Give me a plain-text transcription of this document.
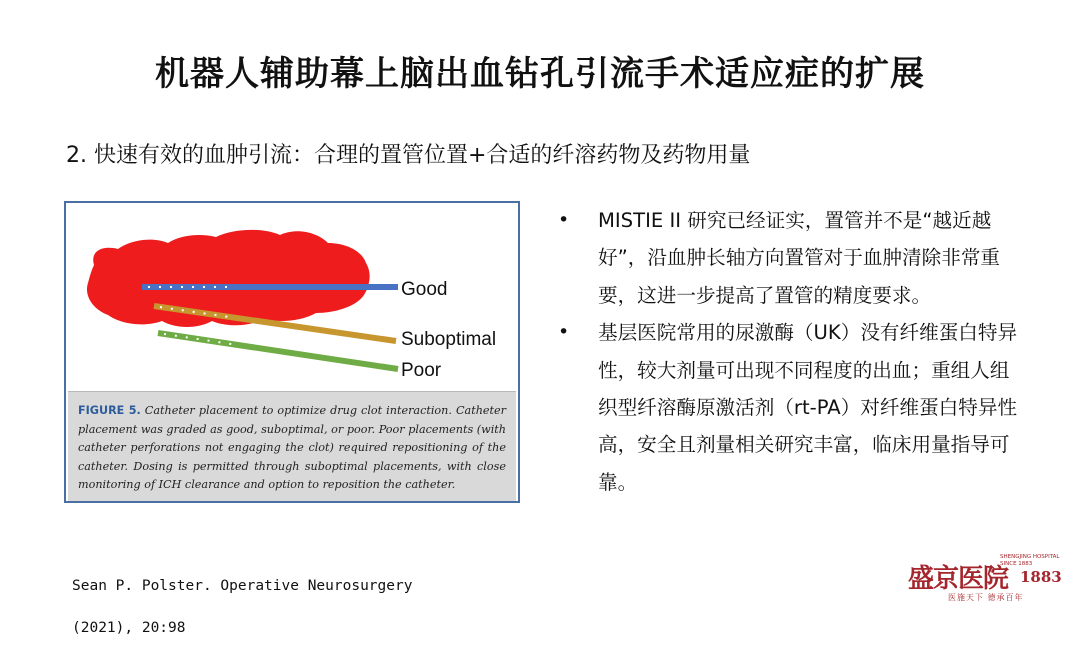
机器人辅助幕上脑出血钻孔引流手术适应症的扩展
2. 快速有效的血肿引流：合理的置管位置+合适的纤溶药物及药物用量
Good
Suboptimal
Poor
FIGURE 5. Catheter placement to optimize drug clot interaction. Catheter placement was graded as good, suboptimal, or poor. Poor placements (with catheter perforations not engaging the clot) required repositioning of the catheter. Dosing is permitted through suboptimal placements, with close monitoring of ICH clearance and option to reposition the catheter.
• MISTIE II 研究已经证实，置管并不是“越近越好”，沿血肿长轴方向置管对于血肿清除非常重要，这进一步提高了置管的精度要求。
• 基层医院常用的尿激酶（UK）没有纤维蛋白特异性，较大剂量可出现不同程度的出血；重组人组织型纤溶酶原激活剂（rt-PA）对纤维蛋白特异性高，安全且剂量相关研究丰富，临床用量指导可靠。

Sean P. Polster. Operative Neurosurgery

(2021), 20:98

盛京医院
SHENGJING HOSPITAL SINCE 1883
1883
医施天下 德承百年
